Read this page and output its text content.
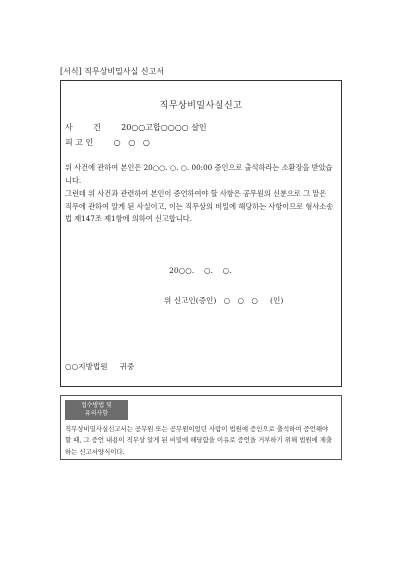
[서식] 직무상비밀사실 신고서
직무상비밀사실신고
사        건        20○○고합○○○○ 살인
피 고 인        ○   ○   ○
위 사건에 관하여 본인은 20○○. ○. ○. 00:00 증인으로 출석하라는 소환장을 받았습니다.
그런데 위 사건과 관련하여 본인이 증언하여야 할 사항은 공무원의 신분으로 그 맡은 직무에 관하여 알게 된 사실이고, 이는 직무상의 비밀에 해당하는 사항이므로 형사소송법 제147조 제1항에 의하여 신고합니다.
20○○.    ○.    ○.
위 신고인(증인)   ○   ○   ○     (인)
○○지방법원     귀중
접수방법 및
유의사항
직무상비밀사실신고서는 공무원 또는 공무원이었던 사람이 법원에 증인으로 출석하여 증언해야 할 때, 그 증언 내용이 직무상 알게 된 비밀에 해당함을 이유로 증언을 거부하기 위해 법원에 제출하는 신고서양식이다.
